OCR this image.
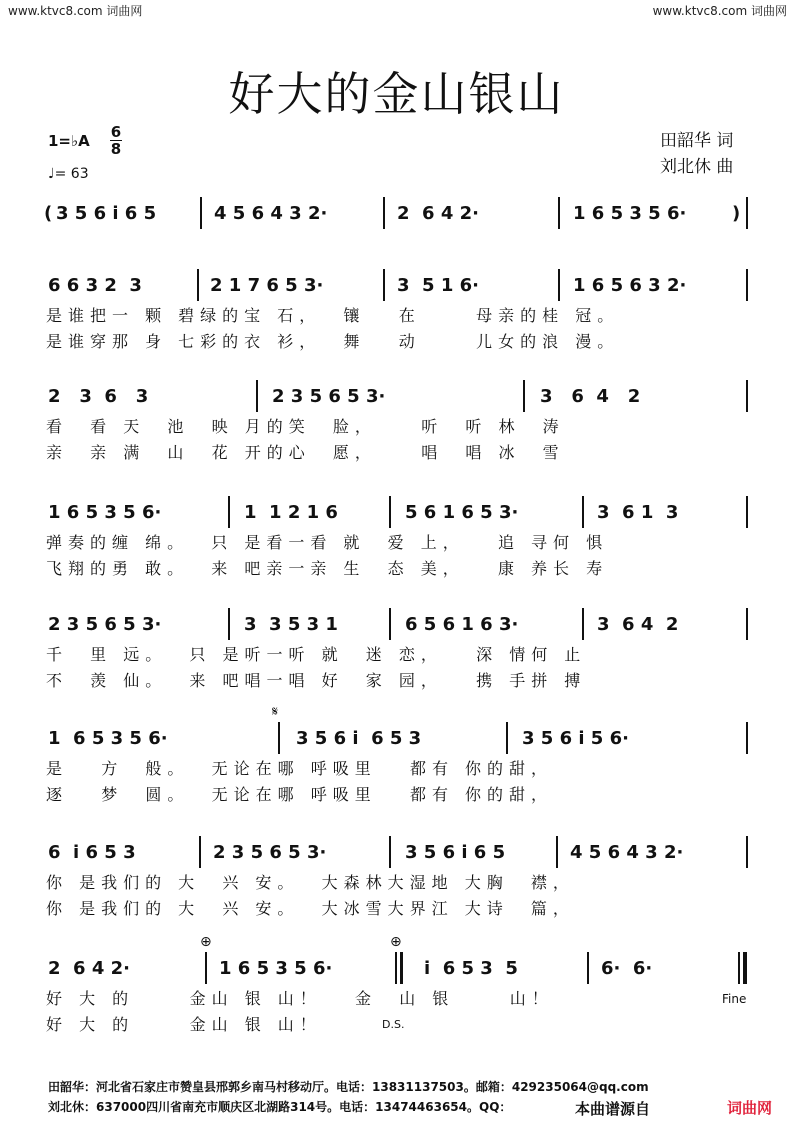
www.ktvc8.com 词曲网	www.ktvc8.com 词曲网
好大的金山银山
1=♭A 6
8
♩= 63
田韶华 词
刘北休 曲
( 3 5 6 i 6 5	4 5 6 4 3 2·	2  6 4 2·	1 6 5 3 5 6·	)
6 6 3 2  3	2 1 7 6 5 3·	3  5 1 6·	1 6 5 6 3 2·
是谁把一 颗 碧绿的宝 石，  镶   在     母亲的桂 冠。
是谁穿那 身 七彩的衣 衫，  舞   动     儿女的浪 漫。
2   3  6   3	2 3 5 6 5 3·	3   6  4   2
看  看 天  池  映 月的笑  脸，    听  听 林  涛
亲  亲 满  山  花 开的心  愿，    唱  唱 冰  雪
1 6 5 3 5 6·	1  1 2 1 6	5 6 1 6 5 3·	3  6 1  3
弹奏的缠 绵。  只 是看一看 就  爱 上，   追 寻何 惧
飞翔的勇 敢。  来 吧亲一亲 生  态 美，   康 养长 寿
2 3 5 6 5 3·	3  3 5 3 1	6 5 6 1 6 3·	3  6 4  2
千  里 远。  只 是听一听 就  迷 恋，   深 情何 止
不  羡 仙。  来 吧唱一唱 好  家 园，   携 手拼 搏
𝄋
1  6 5 3 5 6·	3 5 6 i  6 5 3	3 5 6 i 5 6·
是   方  般。  无论在哪 呼吸里   都有 你的甜，
逐   梦  圆。  无论在哪 呼吸里   都有 你的甜，
6  i 6 5 3	2 3 5 6 5 3·	3 5 6 i 6 5	4 5 6 4 3 2·
你 是我们的 大  兴 安。  大森林大湿地 大胸  襟，
你 是我们的 大  兴 安。  大冰雪大界江 大诗  篇，
⊕	⊕
2  6 4 2·	1 6 5 3 5 6·	i  6 5 3  5	6·  6·
好 大 的     金山 银 山！   金  山 银     山！
好 大 的     金山 银 山！
Fine
D.S.
田韶华：河北省石家庄市赞皇县邢郭乡南马村移动厅。电话：13831137503。邮箱：429235064@qq.com
刘北休：637000四川省南充市顺庆区北湖路314号。电话：13474463654。QQ：	本曲谱源自	词曲网
